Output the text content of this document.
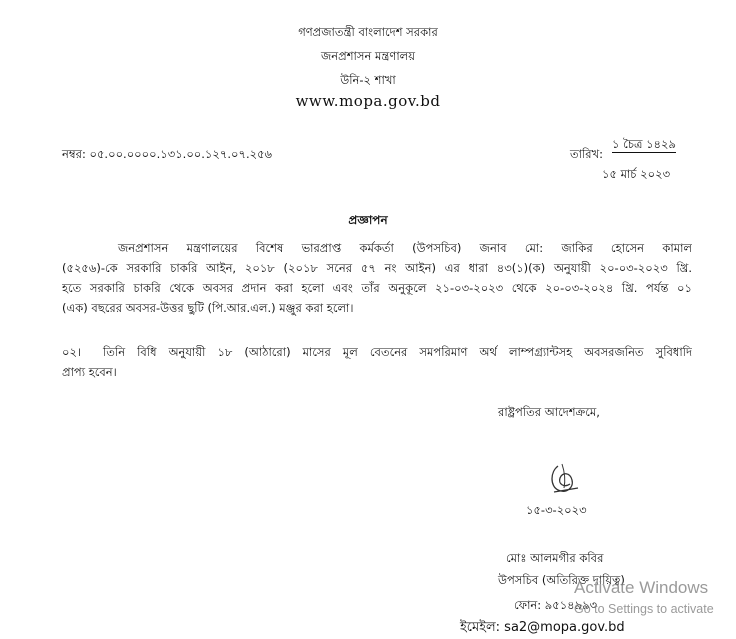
গণপ্রজাতন্ত্রী বাংলাদেশ সরকার
জনপ্রশাসন মন্ত্রণালয়
উনি-২ শাখা
www.mopa.gov.bd
নম্বর: ০৫.০০.০০০০.১৩১.০০.১২৭.০৭.২৫৬	তারিখ:
১ চৈত্র ১৪২৯
১৫ মার্চ ২০২৩
প্রজ্ঞাপন
জনপ্রশাসন মন্ত্রণালয়ের বিশেষ ভারপ্রাপ্ত কর্মকর্তা (উপসচিব) জনাব মো: জাকির হোসেন কামাল
(৫২৫৬)-কে সরকারি চাকরি আইন, ২০১৮ (২০১৮ সনের ৫৭ নং আইন) এর ধারা ৪৩(১)(ক) অনুযায়ী ২০-০৩-২০২৩ খ্রি.
হতে সরকারি চাকরি থেকে অবসর প্রদান করা হলো এবং তাঁর অনুকূলে ২১-০৩-২০২৩ থেকে ২০-০৩-২০২৪ খ্রি. পর্যন্ত ০১
(এক) বছরের অবসর-উত্তর ছুটি (পি.আর.এল.) মঞ্জুর করা হলো।
০২।	তিনি বিধি অনুযায়ী ১৮ (আঠারো) মাসের মূল বেতনের সমপরিমাণ অর্থ লাম্পগ্র্যান্টসহ অবসরজনিত সুবিধাদি
প্রাপ্য হবেন।
রাষ্ট্রপতির আদেশক্রমে,
১৫-৩-২০২৩
মোঃ আলমগীর কবির
উপসচিব (অতিরিক্ত দায়িত্ব)
ফোন: ৯৫১৪৯৯৩
ইমেইল: sa2@mopa.gov.bd
Activate Windows
Go to Settings to activate
